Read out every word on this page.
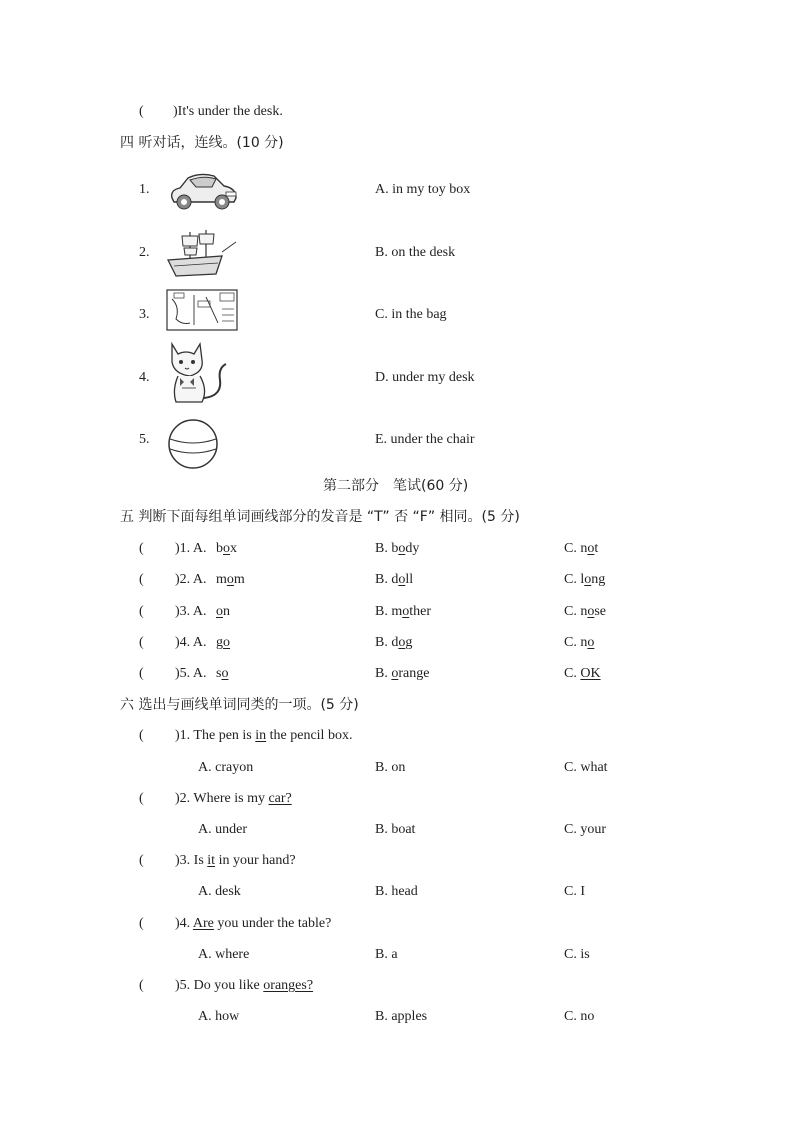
( )It's under the desk.
四 听对话，连线。(10 分)
1.	A. in my toy box
2.	B. on the desk
3.	C. in the bag
4.	D. under my desk
5.	E. under the chair
第二部分　笔试(60 分)
五 判断下面每组单词画线部分的发音是 “T” 否 “F” 相同。(5 分)
( )1. A. box	B. body	C. not
( )2. A. mom	B. doll	C. long
( )3. A. on	B. mother	C. nose
( )4. A. go	B. dog	C. no
( )5. A. so	B. orange	C. OK
六 选出与画线单词同类的一项。(5 分)
( )1. The pen is in the pencil box.
A. crayon	B. on	C. what
( )2. Where is my car?
A. under	B. boat	C. your
( )3. Is it in your hand?
A. desk	B. head	C. I
( )4. Are you under the table?
A. where	B. a	C. is
( )5. Do you like oranges?
A. how	B. apples	C. no
